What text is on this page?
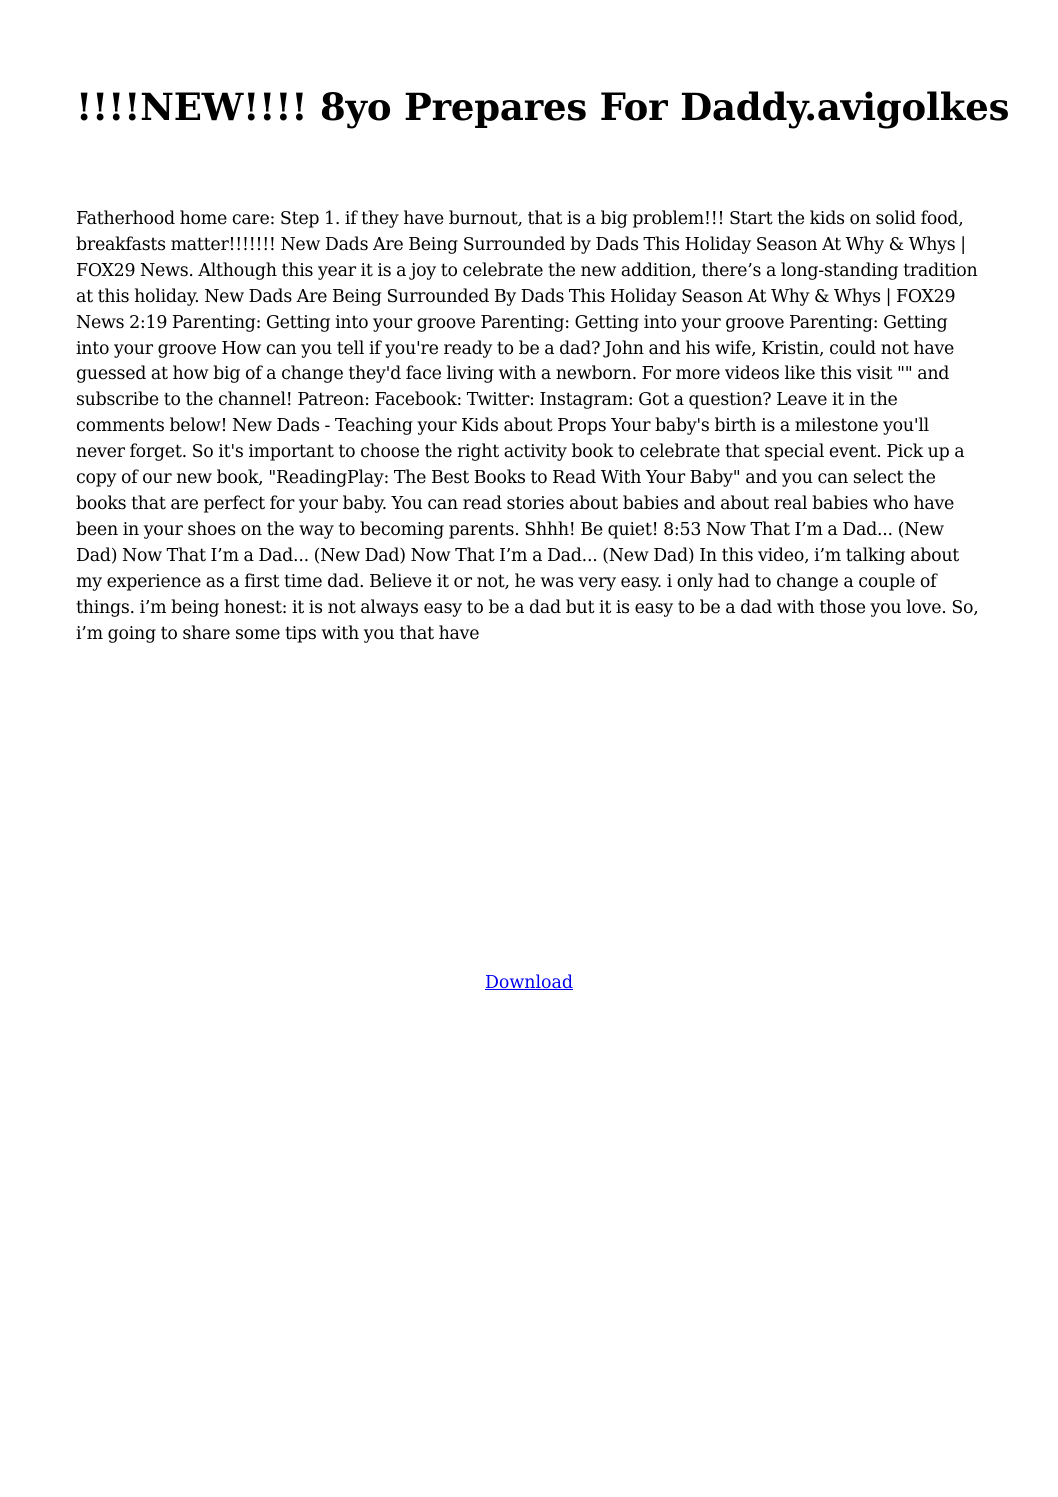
!!!!NEW!!!! 8yo Prepares For Daddy.avigolkes

Fatherhood home care: Step 1. if they have burnout, that is a big problem!!! Start the kids on solid food, breakfasts matter!!!!!!! New Dads Are Being Surrounded by Dads This Holiday Season At Why & Whys | FOX29 News. Although this year it is a joy to celebrate the new addition, there’s a long-standing tradition at this holiday. New Dads Are Being Surrounded By Dads This Holiday Season At Why & Whys | FOX29 News 2:19 Parenting: Getting into your groove Parenting: Getting into your groove Parenting: Getting into your groove How can you tell if you're ready to be a dad? John and his wife, Kristin, could not have guessed at how big of a change they'd face living with a newborn. For more videos like this visit "" and subscribe to the channel! Patreon: Facebook: Twitter: Instagram: Got a question? Leave it in the comments below! New Dads - Teaching your Kids about Props Your baby's birth is a milestone you'll never forget. So it's important to choose the right activity book to celebrate that special event. Pick up a copy of our new book, "ReadingPlay: The Best Books to Read With Your Baby" and you can select the books that are perfect for your baby. You can read stories about babies and about real babies who have been in your shoes on the way to becoming parents. Shhh! Be quiet! 8:53 Now That I’m a Dad... (New Dad) Now That I’m a Dad... (New Dad) Now That I’m a Dad... (New Dad) In this video, i’m talking about my experience as a first time dad. Believe it or not, he was very easy. i only had to change a couple of things. i’m being honest: it is not always easy to be a dad but it is easy to be a dad with those you love. So, i’m going to share some tips with you that have

Download
